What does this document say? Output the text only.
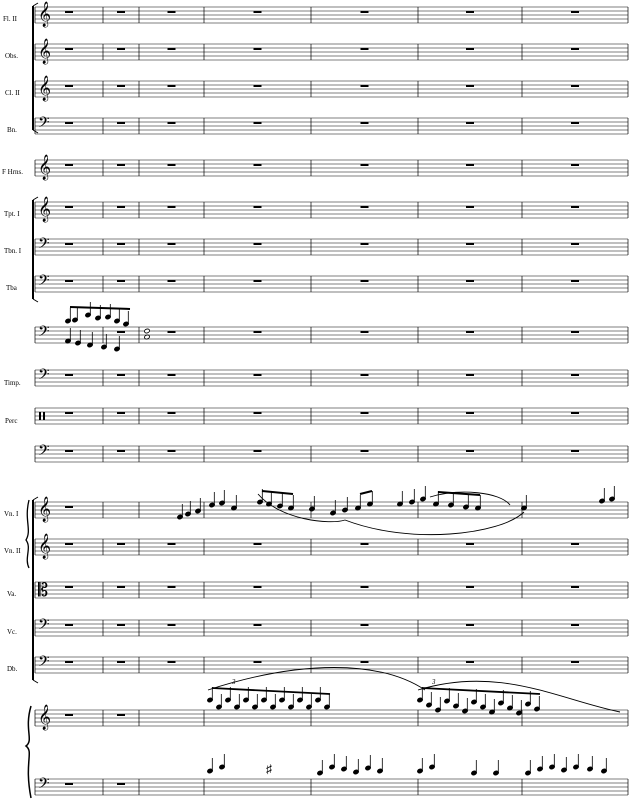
Fl. II
Obs.
Cl. II
Bn.
F Hrns.
Tpt. I
Tbn. I
Tba
Timp.
Perc
Vn. I
Vn. II
Va.
Vc.
Db.
𝄞
𝄞
𝄞
𝄢
𝄞
𝄞
𝄢
𝄢
𝄢
𝄢
𝄢
𝄞
𝄞
𝄡
𝄢
𝄢
𝄞
𝄢
3	3
♯
